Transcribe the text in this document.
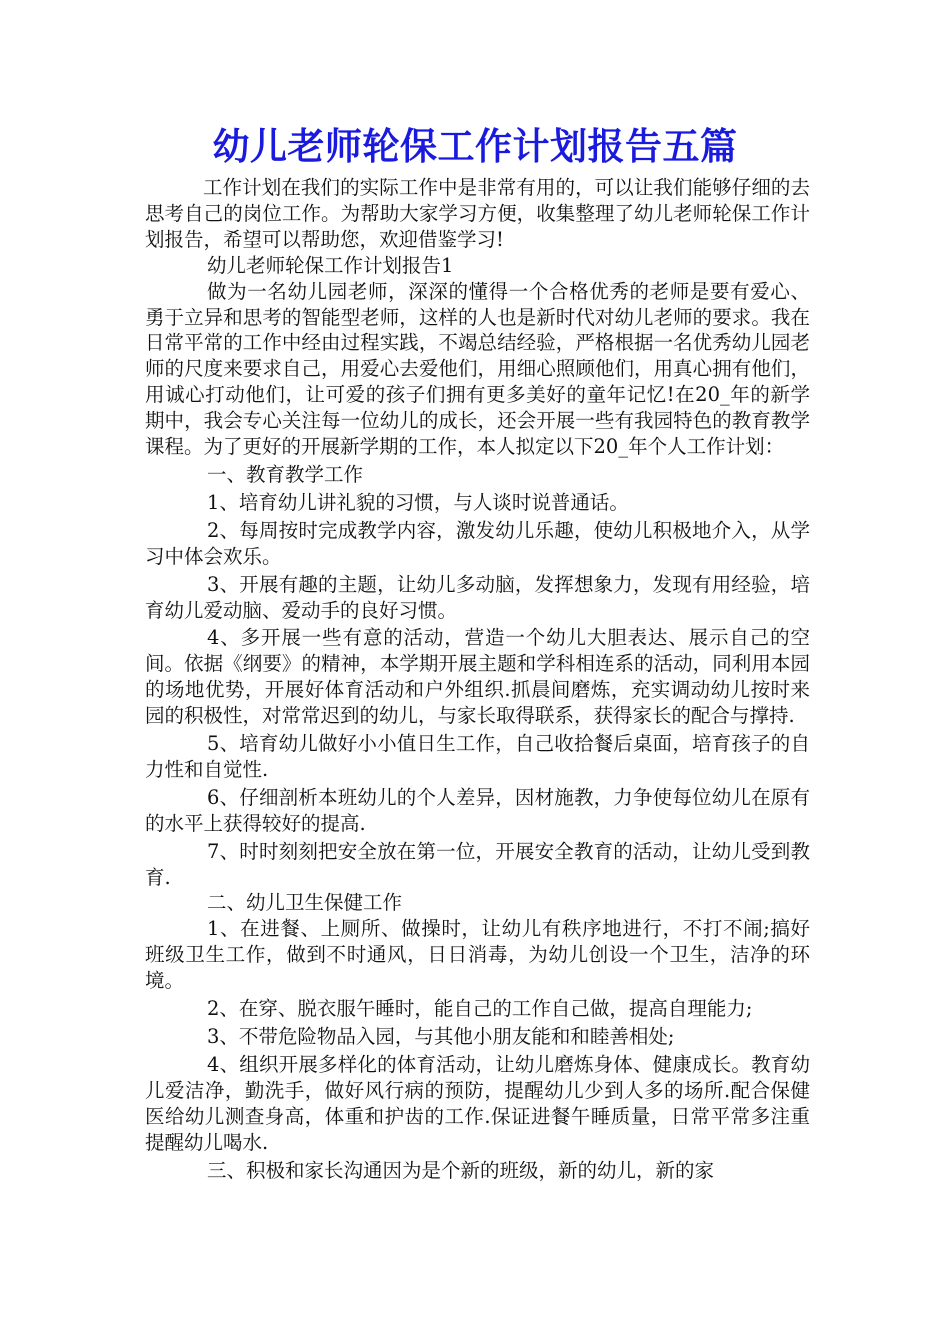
幼儿老师轮保工作计划报告五篇

工作计划在我们的实际工作中是非常有用的，可以让我们能够仔细的去思考自己的岗位工作。为帮助大家学习方便，收集整理了幼儿老师轮保工作计划报告，希望可以帮助您，欢迎借鉴学习!

幼儿老师轮保工作计划报告1

做为一名幼儿园老师，深深的懂得一个合格优秀的老师是要有爱心、勇于立异和思考的智能型老师，这样的人也是新时代对幼儿老师的要求。我在日常平常的工作中经由过程实践，不竭总结经验，严格根据一名优秀幼儿园老师的尺度来要求自己，用爱心去爱他们，用细心照顾他们，用真心拥有他们，用诚心打动他们，让可爱的孩子们拥有更多美好的童年记忆!在20_年的新学期中，我会专心关注每一位幼儿的成长，还会开展一些有我园特色的教育教学课程。为了更好的开展新学期的工作，本人拟定以下20_年个人工作计划：

一、教育教学工作

1、培育幼儿讲礼貌的习惯，与人谈时说普通话。

2、每周按时完成教学内容，激发幼儿乐趣，使幼儿积极地介入，从学习中体会欢乐。

3、开展有趣的主题，让幼儿多动脑，发挥想象力，发现有用经验，培育幼儿爱动脑、爱动手的良好习惯。

4、多开展一些有意的活动，营造一个幼儿大胆表达、展示自己的空间。依据《纲要》的精神，本学期开展主题和学科相连系的活动，同利用本园的场地优势，开展好体育活动和户外组织.抓晨间磨炼，充实调动幼儿按时来园的积极性，对常常迟到的幼儿，与家长取得联系，获得家长的配合与撑持.

5、培育幼儿做好小小值日生工作，自己收拾餐后桌面，培育孩子的自力性和自觉性.

6、仔细剖析本班幼儿的个人差异，因材施教，力争使每位幼儿在原有的水平上获得较好的提高.

7、时时刻刻把安全放在第一位，开展安全教育的活动，让幼儿受到教育.

二、幼儿卫生保健工作

1、在进餐、上厕所、做操时，让幼儿有秩序地进行，不打不闹;搞好班级卫生工作，做到不时通风，日日消毒，为幼儿创设一个卫生，洁净的环境。

2、在穿、脱衣服午睡时，能自己的工作自己做，提高自理能力;

3、不带危险物品入园，与其他小朋友能和和睦善相处;

4、组织开展多样化的体育活动，让幼儿磨炼身体、健康成长。教育幼儿爱洁净，勤洗手，做好风行病的预防，提醒幼儿少到人多的场所.配合保健医给幼儿测查身高，体重和护齿的工作.保证进餐午睡质量，日常平常多注重提醒幼儿喝水.

三、积极和家长沟通因为是个新的班级，新的幼儿，新的家
